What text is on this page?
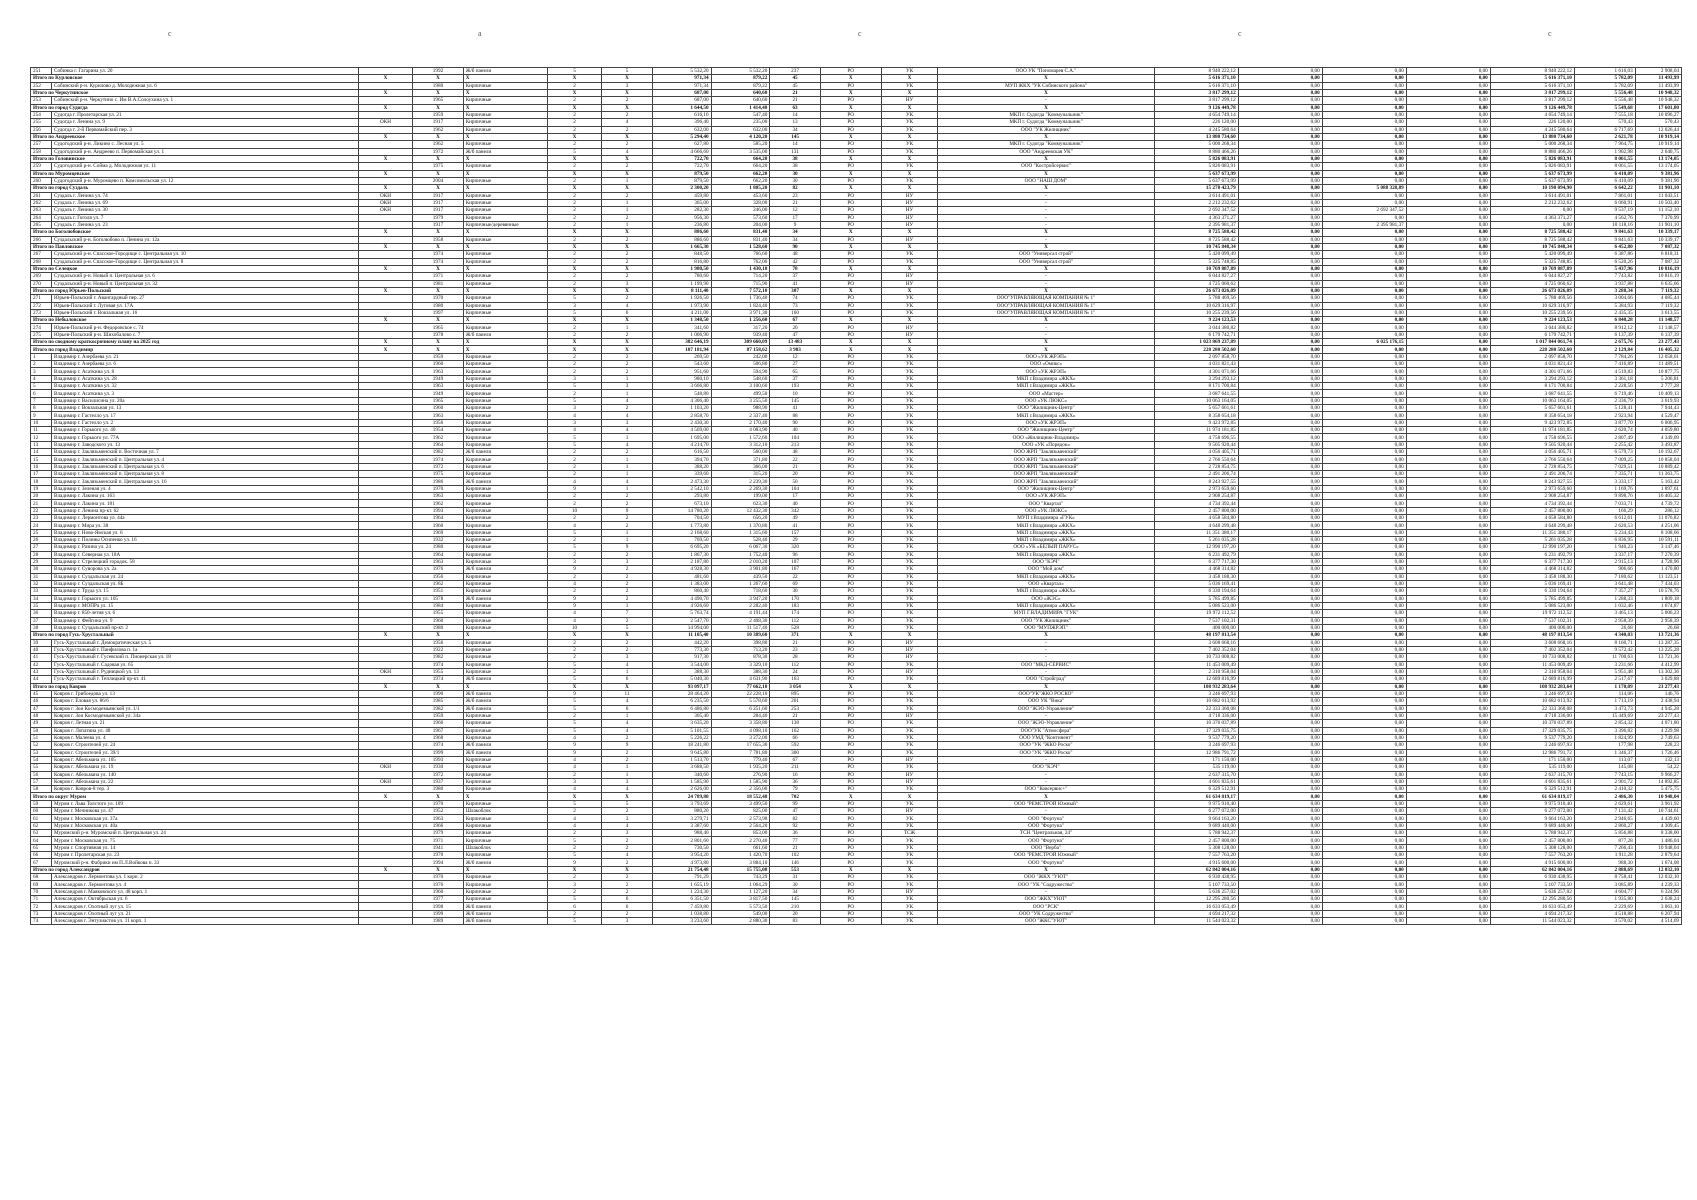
c	a	c	c	c
251	Собинка г. Гагарина ул. 20		1992	Ж/б панели	5	5	5 532,20	5 532,20	237	РО	УК	ООО УК "Пономарев С.А."	8 940 222,12	0,00	0,00	0,00	8 940 222,12	1 616,03	2 908,04
Итого по Курловское		X	X	X	X	X	971,34	879,22	45	X	X	X	5 616 371,10	0,00	0,00	0,00	5 616 371,10	5 782,09	11 493,99
252	Собинский р-н. Курилово д. Молодежная ул. 6		1980	Кирпичные	2	3	971,34	879,22	45	РО	УК	МУП ЖКХ "УК Собинского района"	5 616 371,10	0,00	0,00	0,00	5 616 371,10	5 782,09	11 493,99
Итого по Черкутинское		X	X	X	X	X	687,00	640,60	21	X	X	X	3 817 299,12	0,00	0,00	0,00	3 817 299,12	5 556,48	10 948,32
253	Собинский р-н. Черкутино с. Им В.А.Солоухина ул. 1		1965	Кирпичные	2	2	687,00	640,60	21	РО	НУ	-	3 817 299,12	0,00	0,00	0,00	3 817 299,12	5 556,48	10 948,32
Итого по город Судогда		X	X	X	X	X	1 644,50	1 414,40	63	X	X	X	9 126 449,78	0,00	0,00	0,00	9 126 449,78	5 549,68	17 601,80
254	Судогда г. Пролетарская ул. 21		1959	Кирпичные	2	2	616,10	547,40	14	РО	УК	МКП г. Судогда "Коммунальник"	4 654 749,14	0,00	0,00	0,00	4 654 749,14	7 555,18	10 096,27
255	Судогда г. Ленина ул. 9	ОКН	1917	Кирпичные	2	4	396,40	235,00	13	РО	УК	МКП г. Судогда "Коммунальник"	226 120,00	0,00	0,00	0,00	226 120,00	570,43	570,43
256	Судогда г. 2-й Первомайский пер. 3		1962	Кирпичные	2	2	632,00	632,00	34	РО	УК	ООО "УК Жилищник"	4 245 580,64	0,00	0,00	0,00	4 245 580,64	6 717,69	12 026,44
Итого по Андреевское		X	X	X	X	X	5 294,40	4 120,20	145	X	X	X	13 880 734,60	0,00	0,00	0,00	13 880 734,60	2 621,78	10 919,14
257	Судогодский р-н. Ликино с. Лесная ул. 5		1962	Кирпичные	2	2	627,80	585,20	14	РО	УК	МКП г. Судогда "Коммунальник"	5 000 268,34	0,00	0,00	0,00	5 000 268,34	7 964,75	10 919,14
258	Судогодский р-н. Андреево п. Первомайская ул. 1		1972	Ж/б панели	5	4	4 666,60	3 535,00	131	РО	УК	ООО "Андреевская УК"	8 880 466,26	0,00	0,00	0,00	8 880 466,26	1 902,98	2 640,75
Итого по Головинское		X	X	X	X	X	722,70	664,20	38	X	X	X	5 826 083,91	0,00	0,00	0,00	5 826 083,91	8 061,55	13 174,05
259	Судогодский р-н. Сойма д. Молодежная ул. 11		1975	Кирпичные	2	2	722,70	664,20	38	РО	УК	ООО "Костройсервис"	5 826 083,91	0,00	0,00	0,00	5 826 083,91	8 061,55	13 174,05
Итого по Муромцевское		X	X	X	X	X	879,50	662,20	30	X	X	X	5 637 673,99	0,00	0,00	0,00	5 637 673,99	6 410,09	9 381,96
260	Судогодский р-н. Муромцево п. Комсомольская ул. 12		2004	Кирпичные	2	1	879,50	662,20	30	РО	УК	ООО "НАШ ДОМ"	5 637 673,99	0,00	0,00	0,00	5 637 673,99	6 410,09	9 381,96
Итого по город Суздаль		X	X	X	X	X	2 300,20	1 805,20	82	X	X	X	15 278 423,79	0,00	5 088 328,89	0,00	10 190 094,90	6 642,22	11 901,10
261	Суздаль г. Ленина ул. 74	ОКН	1917	Кирпичные	2	2	459,80	453,60	23	РО	НУ	-	3 614 491,01	0,00	0,00	0,00	3 614 491,01	7 861,01	11 043,51
262	Суздаль г. Ленина ул. 69	ОКН	1917	Кирпичные	2	1	365,00	328,00	21	РО	НУ	-	2 212 232,62	0,00	0,00	0,00	2 212 232,62	6 060,91	10 503,40
263	Суздаль г. Ленина ул. 30	ОКН	1917	Кирпичные	2	1	282,30	246,00	12	РО	НУ	-	2 692 347,52	0,00	2 692 347,52	0,00	0,00	9 537,19	11 152,10
264	Суздаль г. Гоголя ул. 7		1979	Кирпичные	2	2	956,30	573,60	17	РО	НУ	-	4 363 371,27	0,00	0,00	0,00	4 363 371,27	4 562,76	7 370,99
265	Суздаль г. Ленина ул. 23		1917	Кирпичные/деревянные	2	1	236,80	204,00	9	РО	НУ	-	2 395 981,37	0,00	2 395 981,37	0,00	0,00	10 118,16	11 901,10
Итого по Боголюбовское		X	X	X	X	X	886,60	831,40	34	X	X	X	8 725 588,42	0,00	0,00	0,00	8 725 588,42	9 841,63	10 339,17
266	Суздальский р-н. Боголюбово п. Ленина ул. 12а		1958	Кирпичные	2	2	886,60	831,40	34	РО	НУ	-	8 725 588,42	0,00	0,00	0,00	8 725 588,42	9 841,63	10 339,17
Итого по Павловское		X	X	X	X	X	1 665,30	1 528,60	90	X	X	X	10 745 848,34	0,00	0,00	0,00	10 745 848,34	6 452,80	7 087,32
267	Суздальский р-н. Спасское-Городище с. Центральная ул. 10		1974	Кирпичные	2	2	848,50	766,60	48	РО	УК	ООО "Универсал строй"	5 420 099,49	0,00	0,00	0,00	5 420 099,49	6 387,86	6 818,31
268	Суздальский р-н. Спасское-Городище с. Центральная ул. 8		1974	Кирпичные	2	2	816,80	762,00	42	РО	УК	ООО "Универсал строй"	5 325 748,85	0,00	0,00	0,00	5 325 748,85	6 520,26	7 087,32
Итого по Селецкое		X	X	X	X	X	1 980,50	1 430,10	78	X	X	X	10 769 887,89	0,00	0,00	0,00	10 769 887,89	5 437,96	10 816,19
269	Суздальский р-н. Новый п. Центральная ул. 6		1971	Кирпичные	2	2	780,60	714,20	37	РО	НУ	-	6 044 827,27	0,00	0,00	0,00	6 044 827,27	7 743,82	10 816,19
270	Суздальский р-н. Новый п. Центральная ул. 32		1981	Кирпичные	2	3	1 199,90	715,90	41	РО	НУ	-	4 725 060,62	0,00	0,00	0,00	4 725 060,62	3 937,88	6 635,66
Итого по город Юрьев-Польский		X	X	X	X	X	8 111,40	7 572,10	307	X	X	X	26 673 026,09	0,00	0,00	0,00	26 673 026,09	3 288,34	7 119,32
271	Юрьев-Польский г. Авангардный пер. 27		1970	Кирпичные	5	2	1 926,50	1 736,40	74	РО	УК	ООО"УПРАВЛЯЮЩАЯ КОМПАНИЯ № 1"	5 788 469,56	0,00	0,00	0,00	5 788 469,56	3 004,66	4 085,44
272	Юрьев-Польский г. Луговая ул. 17А		1980	Кирпичные	3	4	1 973,90	1 824,40	73	РО	УК	ООО"УПРАВЛЯЮЩАЯ КОМПАНИЯ № 1"	10 629 316,97	0,00	0,00	0,00	10 629 316,97	5 384,93	7 119,32
273	Юрьев-Польский г. Вокзальная ул. 16		1997	Кирпичные	5	6	4 211,00	3 971,30	160	РО	УК	ООО"УПРАВЛЯЮЩАЯ КОМПАНИЯ № 1"	10 255 239,56	0,00	0,00	0,00	10 255 239,56	2 435,35	3 613,55
Итого по Небыловское		X	X	X	X	X	1 348,50	1 256,60	67	X	X	X	9 224 123,53	0,00	0,00	0,00	9 224 123,53	6 840,28	11 148,57
274	Юрьев-Польский р-н. Федоровское с. 74		1965	Кирпичные	2	1	341,60	317,20	20	РО	НУ	-	3 044 380,82	0,00	0,00	0,00	3 044 380,82	8 912,12	11 148,57
275	Юрьев-Польский р-н. Шихобалово с. 7		1978	Ж/б панели	2	2	1 006,90	939,40	47	РО	НУ	-	6 179 742,71	0,00	0,00	0,00	6 179 742,71	6 137,39	6 137,39
Итого по сводному краткосрочному плану на 2025 год		X	X	X	X	X	382 646,19	309 660,09	13 483	X	X	X	1 023 869 237,89	0,00	6 025 176,15	0,00	1 017 844 061,74	2 675,76	23 277,43
Итого по город Владимир		X	X	X	X	X	107 181,94	87 158,62	3 983	X	X	X	228 280 502,60	0,00	0,00	0,00	228 280 502,60	2 129,84	16 405,32
1	Владимир г. Азербаева ул. 21		1959	Кирпичные	2	2	269,50	242,00	12	РО	УК	ООО «УК ЖРЭП»	2 097 858,70	0,00	0,00	0,00	2 097 858,70	7 784,26	12 058,61
2	Владимир г. Азербаева ул. 6		1960	Кирпичные	2	2	543,60	506,80	27	РО	УК	ООО «Омикс»	4 031 821,43	0,00	0,00	0,00	4 031 821,43	7 416,89	11 489,51
3	Владимир г. Асаткина ул. 8		1963	Кирпичные	2	2	951,60	594,90	65	РО	УК	ООО «УК ЖРЭП»	4 301 071,66	0,00	0,00	0,00	4 301 071,66	4 519,83	10 877,75
4	Владимир г. Асаткина ул. 28		1949	Кирпичные	3	1	980,10	548,60	37	РО	УК	МКП г.Владимира «ЖКХ»	3 294 293,12	0,00	0,00	0,00	3 294 293,12	3 361,18	5 206,81
5	Владимир г. Асаткина ул. 32		1963	Кирпичные	5	3	3 666,80	3 100,60	193	РО	УК	МКП г.Владимира «ЖКХ»	8 171 700,84	0,00	0,00	0,00	8 171 700,84	2 228,56	2 777,28
6	Владимир г. Асаткина ул. 3		1949	Кирпичные	2	1	548,80	499,50	10	РО	УК	ООО «Мастер»	3 687 641,55	0,00	0,00	0,00	3 687 641,55	6 719,46	10 409,13
7	Владимир г. Василисина ул. 20а		1965	Кирпичные	5	4	4 306,40	3 255,50	145	РО	УК	ООО «УК ЛЮКС»	10 063 164,05	0,00	0,00	0,00	10 063 164,05	2 336,79	3 619,93
8	Владимир г. Вокзальная ул. 13		1960	Кирпичные	3	2	1 103,20	988,90	41	РО	УК	ООО "Жилищник-Центр"	5 657 661,61	0,00	0,00	0,00	5 657 661,61	5 128,41	7 944,43
9	Владимир г. Гастелло ул. 17		1963	Кирпичные	4	4	2 858,70	2 337,40	88	РО	УК	МКП г.Владимира «ЖКХ»	8 358 654,18	0,00	0,00	0,00	8 358 654,18	2 923,94	4 529,47
10	Владимир г. Гастелло ул. 2		1956	Кирпичные	3	3	2 430,30	2 170,40	90	РО	УК	ООО «УК ЖРЭП»	9 423 972,85	0,00	0,00	0,00	9 423 972,85	3 877,70	6 006,95
11	Владимир г. Горького ул. 40		1954	Кирпичные	4	4	4 569,00	4 083,90	40	РО	УК	ООО "Жилищник-Центр"	11 974 181,85	0,00	0,00	0,00	11 974 181,85	2 620,74	4 059,80
12	Владимир г. Горького ул. 77А		1962	Кирпичные	5	1	1 695,00	1 572,60	104	РО	УК	ООО «Жилищник-Владимир»	4 758 696,55	0,00	0,00	0,00	4 758 696,55	2 807,49	4 349,09
13	Владимир г. Заводского ул. 13		1964	Кирпичные	5	4	4 214,70	3 312,10	213	РО	УК	ООО «УК «Порядок»	9 505 920,44	0,00	0,00	0,00	9 505 920,44	2 255,42	3 493,87
14	Владимир г. Заклязьменский п. Восточная ул. 7		1982	Ж/б панели	2	2	616,50	560,00	48	РО	УК	ООО ЖРП "Заклязьменский"	4 056 405,71	0,00	0,00	0,00	4 056 405,71	6 579,73	10 192,67
15	Владимир г. Заклязьменский п. Центральная ул. 4		1974	Кирпичные	2	1	394,70	371,80	22	РО	УК	ООО ЖРП "Заклязьменский"	2 766 550,64	0,00	0,00	0,00	2 766 550,64	7 009,25	10 858,04
16	Владимир г. Заклязьменский п. Центральная ул. 6		1972	Кирпичные	2	1	388,20	366,00	21	РО	УК	ООО ЖРП "Заклязьменский"	2 728 854,75	0,00	0,00	0,00	2 728 854,75	7 029,51	10 889,42
17	Владимир г. Заклязьменский п. Центральная ул. 8		1975	Кирпичные	2	1	339,60	315,20	20	РО	УК	ООО ЖРП "Заклязьменский"	2 491 206,74	0,00	0,00	0,00	2 491 206,74	7 335,71	11 363,75
18	Владимир г. Заклязьменский п. Центральная ул. 16		1986	Ж/б панели	4	4	2 473,30	2 239,30	50	РО	УК	ООО ЖРП "Заклязьменский"	8 243 927,55	0,00	0,00	0,00	8 243 927,55	3 333,17	5 163,42
19	Владимир г. Зеленая ул. 4		1970	Кирпичные	9	1	2 542,10	2 269,30	104	РО	УК	ООО "Жилищник-Центр"	2 973 659,60	0,00	0,00	0,00	2 973 659,60	1 169,76	1 897,61
20	Владимир г. Лакина ул. 163		1963	Кирпичные	2	2	293,80	199,00	17	РО	УК	ООО «УК ЖРЭП»	2 908 254,87	0,00	0,00	0,00	2 908 254,87	9 898,76	16 405,32
21	Владимир г. Лакина ул. 181		1962	Кирпичные	2	2	673,10	623,30	40	РО	УК	ООО "Квартал"	4 734 392,44	0,00	0,00	0,00	4 734 392,44	7 033,71	4 739,72
22	Владимир г. Ленина пр-кт. 62		1993	Кирпичные	10	9	14 780,20	12 432,30	342	РО	УК	ООО «УК ЛЮКС»	2 457 800,00	0,00	0,00	0,00	2 457 800,00	166,29	286,12
23	Владимир г. Лермонтова ул. 44а		1964	Кирпичные	2	2	704,50	656,20	49	РО	УК	МУП г.Владимира «ГУК»	4 658 584,80	0,00	0,00	0,00	4 658 584,80	6 612,61	11 076,82
24	Владимир г. Мира ул. 38		1960	Кирпичные	4	2	1 773,80	1 370,80	41	РО	УК	МКП г.Владимира «ЖКХ»	4 648 299,48	0,00	0,00	0,00	4 648 299,48	2 620,53	4 251,06
25	Владимир г. Ново-Ямская ул. 6		1969	Кирпичные	5	1	2 168,60	1 315,60	157	РО	УК	МКП г.Владимира «ЖКХ»	11 351 380,17	0,00	0,00	0,00	11 351 380,17	5 234,43	8 108,66
26	Владимир г. Полины Осипенко ул. 16		1932	Кирпичные	2	1	769,50	528,40	29	РО	УК	МКП г.Владимира «ЖКХ»	5 261 035,28	0,00	0,00	0,00	5 261 035,28	6 836,95	10 591,11
27	Владимир г. Разина ул. 24		1980	Кирпичные	5	9	6 695,20	6 067,30	320	РО	УК	ООО «УК «БЕЛЫЙ ПАРУС»	12 990 197,20	0,00	0,00	0,00	12 990 197,20	1 940,23	3 147,46
28	Владимир г. Северная ул. 18А		1964	Кирпичные	2	2	1 867,30	1 752,40	96	РО	УК	МКП г.Владимира «ЖКХ»	6 231 492,79	0,00	0,00	0,00	6 231 492,79	3 337,17	7 270,39
29	Владимир г. Стрелецкий городок. 58		1963	Кирпичные	3	3	2 187,80	2 010,20	107	РО	УК	ООО "КЭЧ"	6 377 717,30	0,00	0,00	0,00	6 377 717,30	2 915,13	4 728,96
30	Владимир г. Суворова ул. 2а		1976	Ж/б панели	9	2	4 928,30	3 901,80	167	РО	УК	ООО "Мой дом"	4 468 314,82	0,00	0,00	0,00	4 468 314,82	906,66	1 470,80
31	Владимир г. Суздальская ул. 24		1956	Кирпичные	2	2	481,60	439,50	22	РО	УК	МКП г.Владимира «ЖКХ»	3 458 188,30	0,00	0,00	0,00	3 458 188,30	7 180,62	11 123,51
32	Владимир г. Суздальская ул. 8Б		1962	Кирпичные	4	2	1 383,00	1 267,60	69	РО	УК	ООО «Квартал»	5 036 169,41	0,00	0,00	0,00	5 036 169,41	3 641,48	7 434,03
33	Владимир г. Труда ул. 15		1951	Кирпичные	2	2	860,40	718,60	30	РО	УК	МКП г.Владимира «ЖКХ»	6 330 194,64	0,00	0,00	0,00	6 330 194,64	7 357,27	10 578,76
34	Владимир г. Горького ул. 105		1978	Ж/б панели	9	2	4 490,70	3 947,20	170	РО	УК	ООО «ЖЭС»	5 785 499,85	0,00	0,00	0,00	5 785 499,85	1 288,33	1 809,18
35	Владимир г. МОПРа ул. 15		1984	Кирпичные	9	1	4 926,60	2 282,40	183	РО	УК	МКП г.Владимира «ЖКХ»	5 086 523,00	0,00	0,00	0,00	5 086 523,00	1 032,46	1 674,87
36	Владимир г. 850-летия ул. 6		1955	Кирпичные	4	7	5 763,74	4 191,44	174	РО	УК	МУП Г.ВЛАДИМИРА "ГУК"	19 972 112,52	0,00	0,00	0,00	19 972 112,52	3 465,13	5 006,23
37	Владимир г. Фейгина ул. 9		1960	Кирпичные	4	2	2 547,70	2 408,30	112	РО	УК	ООО "УК Жилищник"	7 537 102,31	0,00	0,00	0,00	7 537 102,31	2 958,39	2 958,39
38	Владимир г. Суздальский пр-кт. 2		1980	Кирпичные	10	5	14 994,00	11 517,40	528	РО	УК	ООО "МУПЖРЭП"	400 000,00	0,00	0,00	0,00	400 000,00	26,68	26,68
Итого по город Гусь-Хрустальный		X	X	X	X	X	11 105,40	10 389,60	371	X	X	X	48 197 813,54	0,00	0,00	0,00	48 197 813,54	4 340,03	13 721,36
39	Гусь-Хрустальный г. Демократическая ул. 5		1956	Кирпичные	2	2	442,20	398,80	21	РО	НУ	-	3 608 668,16	0,00	0,00	0,00	3 608 668,16	8 160,71	13 287,35
40	Гусь-Хрустальный г. Панфилова п. 1а		1922	Кирпичные	2	2	773,30	713,20	23	РО	НУ	-	7 402 352,04	0,00	0,00	0,00	7 402 352,04	9 572,42	13 225,28
41	Гусь-Хрустальный г. Гусевский п. Пионерская ул. 18		1982	Кирпичные	2	3	917,30	878,30	28	РО	НУ	-	10 733 008,82	0,00	0,00	0,00	10 733 008,82	11 700,63	13 721,36
42	Гусь-Хрустальный г. Садовая ул. 65		1974	Кирпичные	5	4	3 544,00	3 329,10	112	РО	УК	ООО "МКД-СЕРВИС"	11 453 009,49	0,00	0,00	0,00	11 453 009,49	3 231,66	4 412,99
43	Гусь-Хрустальный г. Рудницкой ул. 13	ОКН	1955	Кирпичные	2	1	388,30	388,30	24	РО	НУ	-	2 310 958,04	0,00	0,00	0,00	2 310 958,04	5 951,48	13 302,36
44	Гусь-Хрустальный г. Теплицкий пр-кт. 41		1974	Ж/б панели	5	6	5 040,30	4 631,90	163	РО	УК	ООО "Стройград"	12 689 816,99	0,00	0,00	0,00	12 689 816,99	2 517,67	3 029,88
Итого по город Ковров		X	X	X	X	X	93 097,17	77 662,10	3 054	X	X	X	108 932 283,64	0,00	0,00	0,00	108 932 283,64	1 170,09	23 277,43
45	Ковров г. Грибоедова ул. 13		1990	Ж/б панели	9	11	28 464,20	22 228,10	895	РО	УК	ООО"УК"ЖКО РОСКО"	3 246 697,93	0,00	0,00	0,00	3 246 697,93	114,06	146,76
46	Ковров г. Еловая ул. 86/6		1985	Ж/б панели	5	4	6 235,50	5 578,60	201	РО	УК	ООО УК "Вика"	10 682 613,92	0,00	0,00	0,00	10 682 613,92	1 713,19	2 438,94
47	Ковров г. Зои Космодемьянской ул. 1/1		1982	Ж/б панели	5	6	6 486,80	6 251,60	253	РО	УК	ООО "ЖЭО-Управление"	22 333 360,08	0,00	0,00	0,00	22 333 360,08	3 473,73	4 945,28
48	Ковров г. Зои Космодемьянской ул. 34а		1959	Кирпичные	2	1	305,40	284,40	21	РО	НУ	-	4 718 336,00	0,00	0,00	0,00	4 718 336,00	15 449,69	23 277,43
49	Ковров г. Летная ул. 21		1966	Кирпичные	5	4	3 635,20	3 358,80	138	РО	УК	ООО "ЖЭО-Управление"	10 376 037,89	0,00	0,00	0,00	10 376 037,89	2 854,32	4 071,80
50	Ковров г. Лопатина ул. 48		1967	Кирпичные	5	4	5 101,55	4 098,10	162	РО	УК	ООО"УК "Атмосфера"	17 329 035,75	0,00	0,00	0,00	17 329 035,75	3 396,82	4 229,98
51	Ковров г. Малеева ул. 4		1968	Кирпичные	4	2	5 226,22	3 272,00	66	РО	УК	ООО УМД "Континент"	9 537 779,20	0,00	0,00	0,00	9 537 779,20	1 824,99	2 749,63
52	Ковров г. Строителей ул. 24		1974	Ж/б панели	9	9	18 241,80	17 655,30	592	РО	УК	ООО "УК "ЖКО Роско"	3 246 697,93	0,00	0,00	0,00	3 246 697,93	177,98	228,23
53	Ковров г. Строителей ул. 39/1		1999	Ж/б панели	9	2	9 645,80	7 781,80	300	РО	УК	ООО "УК "ЖКО Роско"	12 986 791,72	0,00	0,00	0,00	12 986 791,72	1 346,37	1 726,46
54	Ковров г. Абельмана ул. 105		1993	Кирпичные	4	2	1 513,70	779,40	67	РО	НУ	-	171 150,00	0,00	0,00	0,00	171 150,00	113,07	132,13
55	Ковров г. Абельмана ул. 19	ОКН	1930	Кирпичные	4	1	3 688,50	1 935,20	211	РО	УК	ООО "КЭЧ"	535 119,00	0,00	0,00	0,00	535 119,00	145,08	54,22
56	Ковров г. Абельмана ул. 140		1972	Кирпичные	2	1	340,60	276,90	16	РО	НУ	-	2 637 315,70	0,00	0,00	0,00	2 637 315,70	7 743,15	9 966,27
57	Ковров г. Абельмана ул. 22	ОКН	1937	Кирпичные	3	3	1 585,90	1 585,90	36	РО	НУ	-	4 601 835,61	0,00	0,00	0,00	4 601 835,61	2 901,72	14 892,85
58	Ковров г. Ковров-8 тер. 3		1980	Кирпичные	4	4	2 626,00	2 356,00	79	РО	УК	ООО "Ковсервис+"	6 329 512,91	0,00	0,00	0,00	6 329 512,91	2 410,32	5 475,75
Итого по округ Муром		X	X	X	X	X	24 789,80	18 552,48	702	X	X	X	61 634 819,17	0,00	0,00	0,00	61 634 819,17	2 486,30	10 948,04
59	Муром г. Льва Толстого ул. 109		1970	Кирпичные	5	5	3 793,69	3 499,50	99	РО	УК	ООО "РЕМСТРОЙ Южный"	9 975 910,40	0,00	0,00	0,00	9 975 910,40	2 629,61	3 961,92
60	Муром г. Мечникова ул. 47		1952	Шлакоблок	2	2	880,20	825,00	47	РО	НУ	-	6 277 072,00	0,00	0,00	0,00	6 277 072,00	7 131,42	10 744,61
61	Муром г. Московская ул. 37а		1963	Кирпичные	4	3	3 279,71	2 573,98	82	РО	УК	ООО "Фортуна"	9 664 163,20	0,00	0,00	0,00	9 664 163,20	2 946,65	4 439,60
62	Муром г. Московская ул. 40а		1966	Кирпичные	4	4	3 387,60	2 564,20	92	РО	УК	ООО "Фортуна"	9 689 440,00	0,00	0,00	0,00	9 689 440,00	2 860,27	4 309,45
63	Муромский р-н. Муромский п. Центральная ул. 24		1979	Кирпичные	2	3	988,40	853,00	36	РО	ТСЖ	ТСН "Центральная, 24"	5 788 942,37	0,00	0,00	0,00	5 788 942,37	5 856,88	8 338,00
64	Муром г. Московская ул. 75		1971	Кирпичные	5	2	2 801,60	2 270,40	77	РО	УК	ООО "Фортуна"	2 457 800,00	0,00	0,00	0,00	2 457 800,00	877,28	1 486,04
65	Муром г. Спортивная ул. 14		1941	Шлакоблок	2	2	730,50	661,60	21	РО	УК	ООО "Верба"	5 308 128,00	0,00	0,00	0,00	5 308 128,00	7 266,43	10 948,04
66	Муром г. Пролетарская ул. 23		1970	Кирпичные	5	4	3 954,20	1 420,70	102	РО	УК	ООО "РЕМСТРОЙ Южный"	7 557 763,20	0,00	0,00	0,00	7 557 763,20	1 911,28	2 879,64
67	Муромский р-н. Фабрики им П.Л.Войкова п. 33		1994	Ж/б панели	9	2	4 973,80	3 884,10	146	РО	УК	ООО "Фортуна"	4 915 600,00	0,00	0,00	0,00	4 915 600,00	988,30	1 674,08
Итого по город Александров		X	X	X	X	X	21 754,48	15 755,08	553	X	X	X	62 842 004,16	0,00	0,00	0,00	62 842 004,16	2 888,69	12 032,10
68	Александров г. Лермонтова ул. 1 корп. 2		1970	Кирпичные	2	2	791,29	743,29	31	РО	УК	ООО "ЖКХ "УЮТ"	6 930 438,95	0,00	0,00	0,00	6 930 438,95	8 758,41	12 032,10
69	Александров г. Лермонтова ул. 4		1976	Кирпичные	3	2	1 655,19	1 064,29	30	РО	УК	ООО "УК "Содружество"	5 107 733,50	0,00	0,00	0,00	5 107 733,50	3 085,89	4 239,33
70	Александров г. Маяковского ул. 48 корп. 1		1960	Кирпичные	2	2	1 224,30	1 127,20	34	РО	НУ	-	5 636 257,02	0,00	0,00	0,00	5 636 257,02	4 604,77	6 324,96
71	Александров г. Октябрьская ул. 6		1977	Кирпичные	5	6	6 351,50	3 817,50	145	РО	УК	ООО "ЖКХ"УЮТ"	12 295 280,56	0,00	0,00	0,00	12 295 280,56	1 935,80	2 638,24
72	Александров г. Охотный луг ул. 15		1998	Ж/б панели	6	6	7 459,80	5 573,50	210	РО	УК	ООО "РСК"	16 633 053,49	0,00	0,00	0,00	16 633 053,49	2 229,69	3 063,10
73	Александров г. Охотный луг ул. 21		1999	Ж/б панели	2	2	1 038,80	549,00	20	РО	УК	ООО "УК Содружество"	4 694 217,32	0,00	0,00	0,00	4 694 217,32	4 518,88	6 207,94
74	Александров г. Энтузиастов ул. 11 корп. 1		1989	Ж/б панели	5	3	3 233,60	2 880,30	83	РО	УК	ООО "ЖКС"УЮТ"	11 544 023,32	0,00	0,00	0,00	11 544 023,32	3 570,02	4 514,69
